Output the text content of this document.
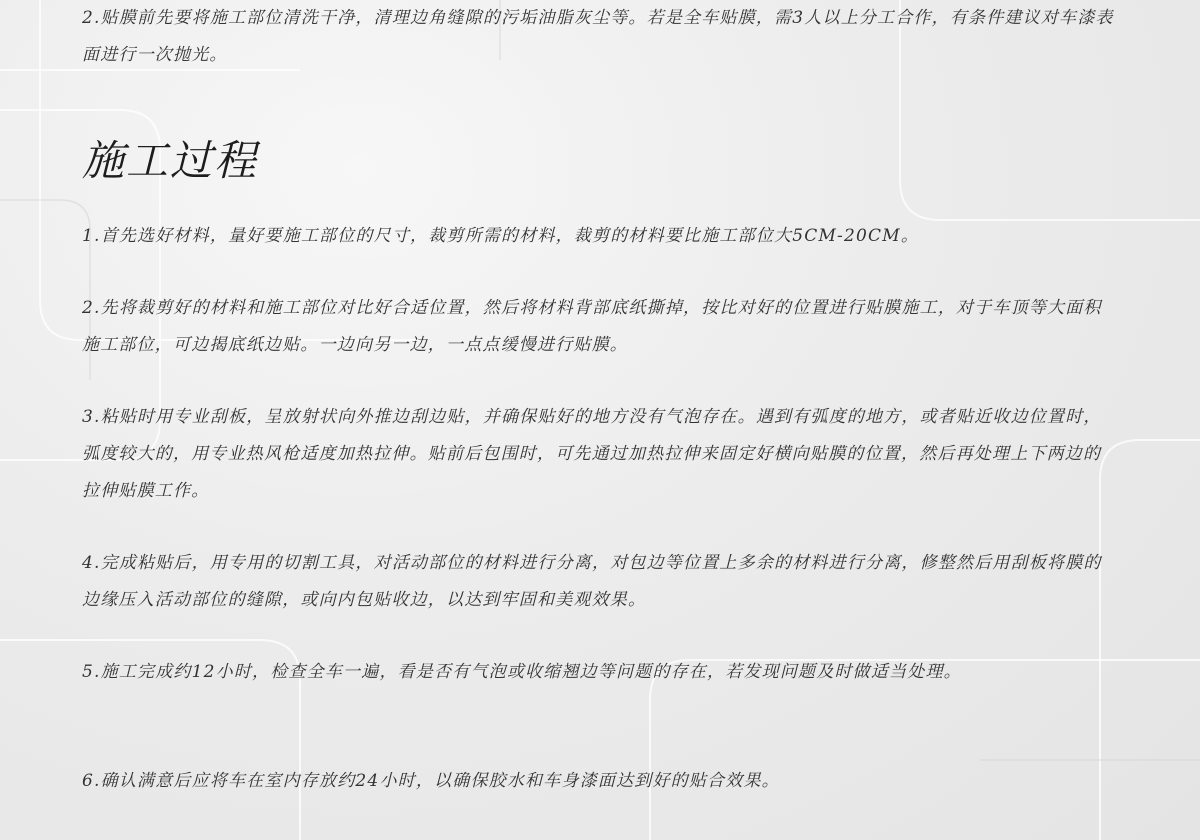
2.贴膜前先要将施工部位清洗干净，清理边角缝隙的污垢油脂灰尘等。若是全车贴膜，需3人以上分工合作，有条件建议对车漆表面进行一次抛光。

施工过程

1.首先选好材料，量好要施工部位的尺寸，裁剪所需的材料，裁剪的材料要比施工部位大5CM-20CM。

2.先将裁剪好的材料和施工部位对比好合适位置，然后将材料背部底纸撕掉，按比对好的位置进行贴膜施工，对于车顶等大面积施工部位，可边揭底纸边贴。一边向另一边，一点点缓慢进行贴膜。

3.粘贴时用专业刮板，呈放射状向外推边刮边贴，并确保贴好的地方没有气泡存在。遇到有弧度的地方，或者贴近收边位置时，弧度较大的，用专业热风枪适度加热拉伸。贴前后包围时，可先通过加热拉伸来固定好横向贴膜的位置，然后再处理上下两边的拉伸贴膜工作。

4.完成粘贴后，用专用的切割工具，对活动部位的材料进行分离，对包边等位置上多余的材料进行分离，修整然后用刮板将膜的边缘压入活动部位的缝隙，或向内包贴收边，以达到牢固和美观效果。

5.施工完成约12小时，检查全车一遍，看是否有气泡或收缩翘边等问题的存在，若发现问题及时做适当处理。

6.确认满意后应将车在室内存放约24小时，以确保胶水和车身漆面达到好的贴合效果。
